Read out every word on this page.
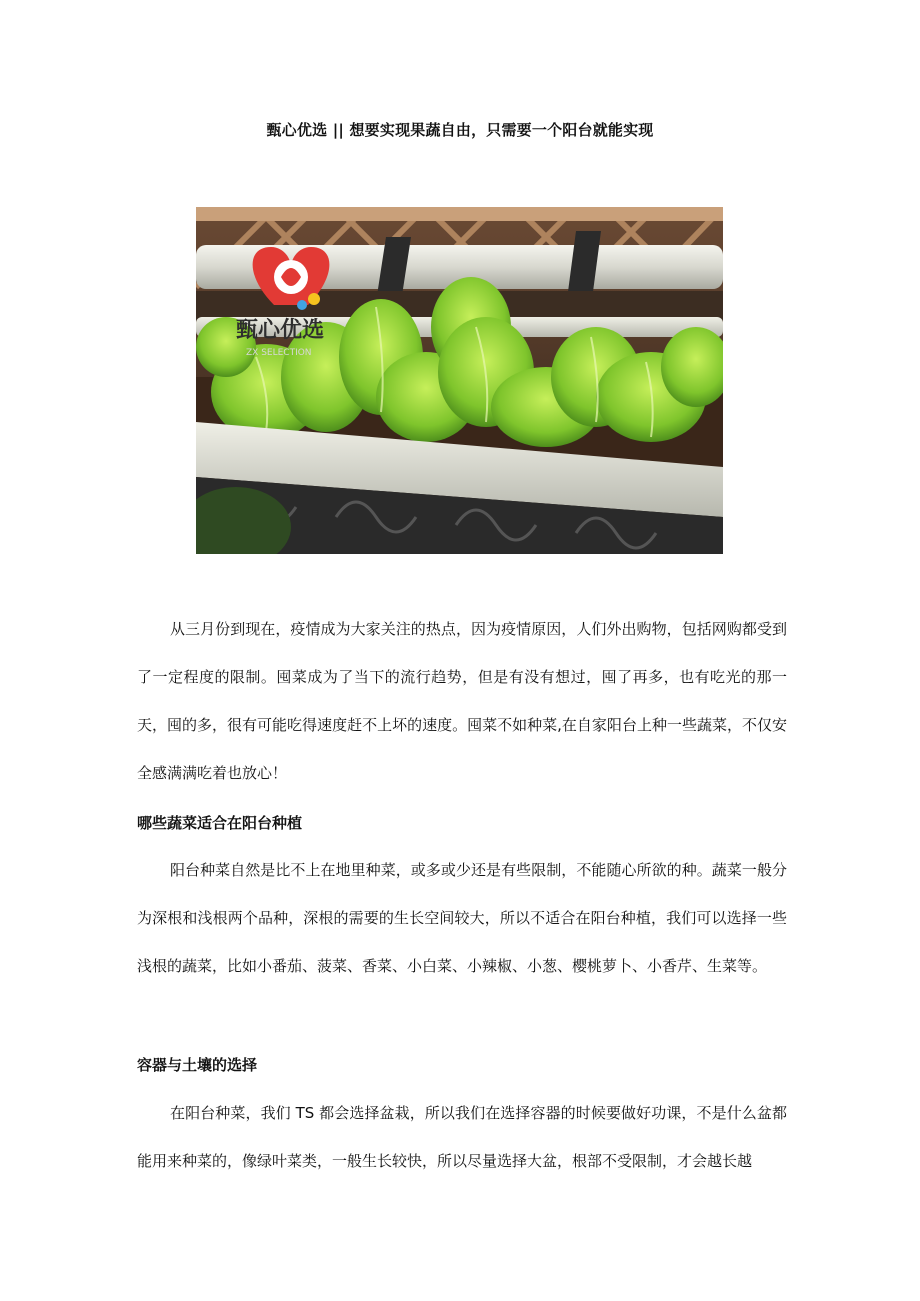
甄心优选 || 想要实现果蔬自由，只需要一个阳台就能实现
甄心优选
ZX SELECTION

从三月份到现在，疫情成为大家关注的热点，因为疫情原因，人们外出购物，包括网购都受到了一定程度的限制。囤菜成为了当下的流行趋势，但是有没有想过，囤了再多，也有吃光的那一天，囤的多，很有可能吃得速度赶不上坏的速度。囤菜不如种菜,在自家阳台上种一些蔬菜，不仅安全感满满吃着也放心！

哪些蔬菜适合在阳台种植

阳台种菜自然是比不上在地里种菜，或多或少还是有些限制，不能随心所欲的种。蔬菜一般分为深根和浅根两个品种，深根的需要的生长空间较大，所以不适合在阳台种植，我们可以选择一些浅根的蔬菜，比如小番茄、菠菜、香菜、小白菜、小辣椒、小葱、樱桃萝卜、小香芹、生菜等。

容器与土壤的选择

在阳台种菜，我们 TS 都会选择盆栽，所以我们在选择容器的时候要做好功课，不是什么盆都能用来种菜的，像绿叶菜类，一般生长较快，所以尽量选择大盆，根部不受限制，才会越长越
